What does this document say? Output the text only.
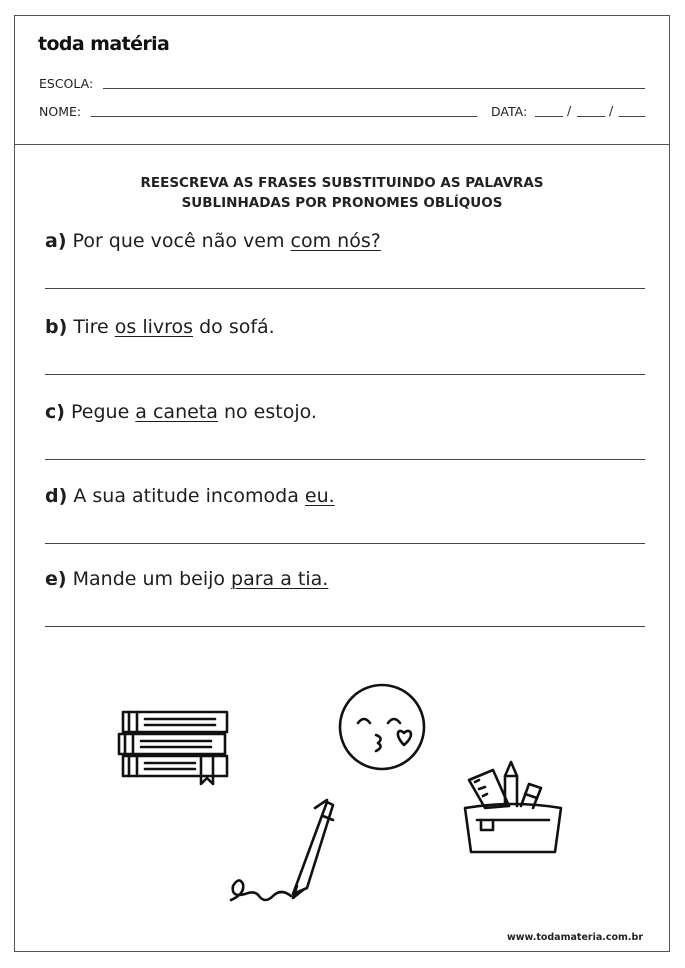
toda matéria
ESCOLA:
NOME:	DATA:	/	/
REESCREVA AS FRASES SUBSTITUINDO AS PALAVRAS
SUBLINHADAS POR PRONOMES OBLÍQUOS
a) Por que você não vem com nós?
b) Tire os livros do sofá.
c) Pegue a caneta no estojo.
d) A sua atitude incomoda eu.
e) Mande um beijo para a tia.
www.todamateria.com.br
